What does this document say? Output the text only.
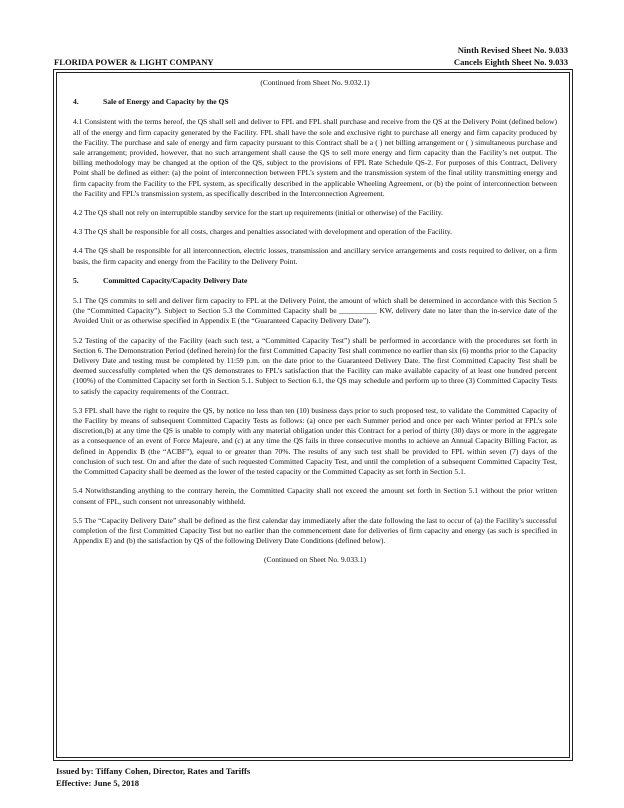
Ninth Revised Sheet No. 9.033
Cancels Eighth Sheet No. 9.033
FLORIDA POWER & LIGHT COMPANY

(Continued from Sheet No. 9.032.1)

4.	Sale of Energy and Capacity by the QS

4.1 Consistent with the terms hereof, the QS shall sell and deliver to FPL and FPL shall purchase and receive from the QS at the Delivery Point (defined below) all of the energy and firm capacity generated by the Facility. FPL shall have the sole and exclusive right to purchase all energy and firm capacity produced by the Facility. The purchase and sale of energy and firm capacity pursuant to this Contract shall be a ( ) net billing arrangement or ( ) simultaneous purchase and sale arrangement; provided, however, that no such arrangement shall cause the QS to sell more energy and firm capacity than the Facility’s net output. The billing methodology may be changed at the option of the QS, subject to the provisions of FPL Rate Schedule QS-2. For purposes of this Contract, Delivery Point shall be defined as either: (a) the point of interconnection between FPL’s system and the transmission system of the final utility transmitting energy and firm capacity from the Facility to the FPL system, as specifically described in the applicable Wheeling Agreement, or (b) the point of interconnection between the Facility and FPL’s transmission system, as specifically described in the Interconnection Agreement.

4.2 The QS shall not rely on interruptible standby service for the start up requirements (initial or otherwise) of the Facility.

4.3 The QS shall be responsible for all costs, charges and penalties associated with development and operation of the Facility.

4.4 The QS shall be responsible for all interconnection, electric losses, transmission and ancillary service arrangements and costs required to deliver, on a firm basis, the firm capacity and energy from the Facility to the Delivery Point.

5.	Committed Capacity/Capacity Delivery Date

5.1 The QS commits to sell and deliver firm capacity to FPL at the Delivery Point, the amount of which shall be determined in accordance with this Section 5 (the “Committed Capacity”). Subject to Section 5.3 the Committed Capacity shall be __________ KW, delivery date no later than the in-service date of the Avoided Unit or as otherwise specified in Appendix E (the “Guaranteed Capacity Delivery Date”).

5.2 Testing of the capacity of the Facility (each such test, a “Committed Capacity Test”) shall be performed in accordance with the procedures set forth in Section 6. The Demonstration Period (defined herein) for the first Committed Capacity Test shall commence no earlier than six (6) months prior to the Capacity Delivery Date and testing must be completed by 11:59 p.m. on the date prior to the Guaranteed Delivery Date. The first Committed Capacity Test shall be deemed successfully completed when the QS demonstrates to FPL’s satisfaction that the Facility can make available capacity of at least one hundred percent (100%) of the Committed Capacity set forth in Section 5.1. Subject to Section 6.1, the QS may schedule and perform up to three (3) Committed Capacity Tests to satisfy the capacity requirements of the Contract.

5.3 FPL shall have the right to require the QS, by notice no less than ten (10) business days prior to such proposed test, to validate the Committed Capacity of the Facility by means of subsequent Committed Capacity Tests as follows: (a) once per each Summer period and once per each Winter period at FPL’s sole discretion,(b) at any time the QS is unable to comply with any material obligation under this Contract for a period of thirty (30) days or more in the aggregate as a consequence of an event of Force Majeure, and (c) at any time the QS fails in three consecutive months to achieve an Annual Capacity Billing Factor, as defined in Appendix B (the “ACBF”), equal to or greater than 70%. The results of any such test shall be provided to FPL within seven (7) days of the conclusion of such test. On and after the date of such requested Committed Capacity Test, and until the completion of a subsequent Committed Capacity Test, the Committed Capacity shall be deemed as the lower of the tested capacity or the Committed Capacity as set forth in Section 5.1.

5.4 Notwithstanding anything to the contrary herein, the Committed Capacity shall not exceed the amount set forth in Section 5.1 without the prior written consent of FPL, such consent not unreasonably withheld.

5.5 The “Capacity Delivery Date” shall be defined as the first calendar day immediately after the date following the last to occur of (a) the Facility’s successful completion of the first Committed Capacity Test but no earlier than the commencement date for deliveries of firm capacity and energy (as such is specified in Appendix E) and (b) the satisfaction by QS of the following Delivery Date Conditions (defined below).

(Continued on Sheet No. 9.033.1)

Issued by: Tiffany Cohen, Director, Rates and Tariffs
Effective: June 5, 2018
